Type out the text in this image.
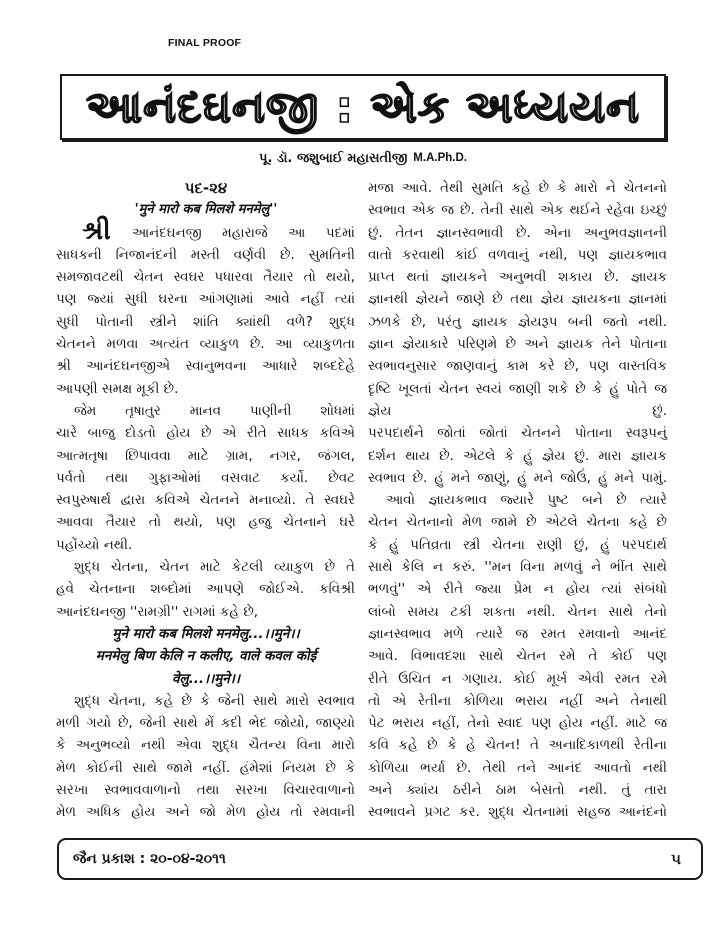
FINAL PROOF
આનંદઘનજી : એક અધ્યયન
પૂ. ડૉ. જશુબાઈ મહાસતીજી M.A.Ph.D.
પદ-૨૪
'मुने मारो कब मिलशे मनमेलु''
શ્રી આનંદઘનજી મહારાજે આ પદમાં
સાધકની નિજાનંદની મસ્તી વર્ણવી છે. સુમતિની
સમજાવટથી ચેતન સ્વઘર પધારવા તૈયાર તો થયો,
પણ જ્યાં સુધી ઘરના આંગણામાં આવે નહીં ત્યાં
સુધી પોતાની સ્ત્રીને શાંતિ ક્યાંથી વળે? શુદ્ધ
ચેતનને મળવા અત્યંત વ્યાકુળ છે. આ વ્યાકુળતા
શ્રી આનંદઘનજીએ સ્વાનુભવના આધારે શબ્દદેહે
આપણી સમક્ષ મૂકી છે.
જેમ તૃષાતુર માનવ પાણીની શોધમાં
ચારે બાજુ દોડતો હોય છે એ રીતે સાધક કવિએ
આત્મતૃષા છિપાવવા માટે ગ્રામ, નગર, જંગલ,
પર્વતો તથા ગુફાઓમાં વસવાટ કર્યો. છેવટ
સ્વપુરુષાર્થ દ્વારા કવિએ ચેતનને મનાવ્યો. તે સ્વઘરે
આવવા તૈયાર તો થયો, પણ હજુ ચેતનાને ઘરે
પહોંચ્યો નથી.
શુદ્ધ ચેતના, ચેતન માટે કેટલી વ્યાકુળ છે તે
હવે ચેતનાના શબ્દોમાં આપણે જોઈએ. કવિશ્રી
આનંદઘનજી ''રામગ્રી'' રાગમાં કહે છે,
मुने मारो कब मिलशे मनमेलु...।।मुने।।
मनमेलु बिण केलि न कलीए, वाले कवल कोई
वेलु...।।मुने।।
શુદ્ધ ચેતના, કહે છે કે જેની સાથે મારો સ્વભાવ
મળી ગયો છે, જેની સાથે મેં કદી ભેદ જોયો, જાણ્યો
કે અનુભવ્યો નથી એવા શુદ્ધ ચૈતન્ય વિના મારો
મેળ કોઈની સાથે જામે નહીં. હંમેશાં નિયમ છે કે
સરખા સ્વભાવવાળાનો તથા સરખા વિચારવાળાનો
મેળ અધિક હોય અને જો મેળ હોય તો રમવાની
મજા આવે. તેથી સુમતિ કહે છે કે મારો ને ચેતનનો
સ્વભાવ એક જ છે. તેની સાથે એક થઈને રહેવા ઇચ્છું
છું. તેતન જ્ઞાનસ્વભાવી છે. એના અનુભવજ્ઞાનની
વાતો કરવાથી કાંઈ વળવાનું નથી, પણ જ્ઞાયકભાવ
પ્રાપ્ત થતાં જ્ઞાયકને અનુભવી શકાય છે. જ્ઞાયક
જ્ઞાનથી જ્ઞેયને જાણે છે તથા જ્ઞેય જ્ઞાયકના જ્ઞાનમાં
ઝળકે છે, પરંતુ જ્ઞાયક જ્ઞેયરૂપ બની જતો નથી.
જ્ઞાન જ્ઞેયાકારે પરિણમે છે અને જ્ઞાયક તેને પોતાના
સ્વભાવનુસાર જાણવાનું કામ કરે છે, પણ વાસ્તવિક
દૃષ્ટિ ખૂલતાં ચેતન સ્વયં જાણી શકે છે કે હું પોતે જ
જ્ઞેય છું.
પરપદાર્થને જોતાં જોતાં ચેતનને પોતાના સ્વરૂપનું
દર્શન થાય છે. એટલે કે હું જ્ઞેય છું. મારા જ્ઞાયક
સ્વભાવ છે. હું મને જાણું, હું મને જોઉં, હું મને પામું.
આવો જ્ઞાયકભાવ જ્યારે પુષ્ટ બને છે ત્યારે
ચેતન ચેતનાનો મેળ જામે છે એટલે ચેતના કહે છે
કે હું પતિવ્રતા સ્ત્રી ચેતના રાણી છું, હું પરપદાર્થ
સાથે કેલિ ન કરું. ''મન વિના મળવું ને ભીંત સાથે
ભળવું'' એ રીતે જ્યા પ્રેમ ન હોય ત્યાં સંબંધો
લાંબો સમય ટકી શકતા નથી. ચેતન સાથે તેનો
જ્ઞાનસ્વભાવ મળે ત્યારે જ રમત રમવાનો આનંદ
આવે. વિભાવદશા સાથે ચેતન રમે તે કોઈ પણ
રીતે ઉચિત ન ગણાય. કોઈ મૂર્ખ એવી રમત રમે
તો એ રેતીના કોળિયા ભરાય નહીં અને તેનાથી
પેટ ભરાય નહીં, તેનો સ્વાદ પણ હોય નહીં. માટે જ
કવિ કહે છે કે હે ચેતન! તે અનાદિકાળથી રેતીના
કોળિયા ભર્યા છે. તેથી તને આનંદ આવતો નથી
અને ક્યાંય ઠરીને ઠામ બેસતો નથી. તું તારા
સ્વભાવને પ્રગટ કર. શુદ્ધ ચેતનામાં સહજ આનંદનો
જૈન પ્રકાશ : ૨૦-૦૪-૨૦૧૧	૫
